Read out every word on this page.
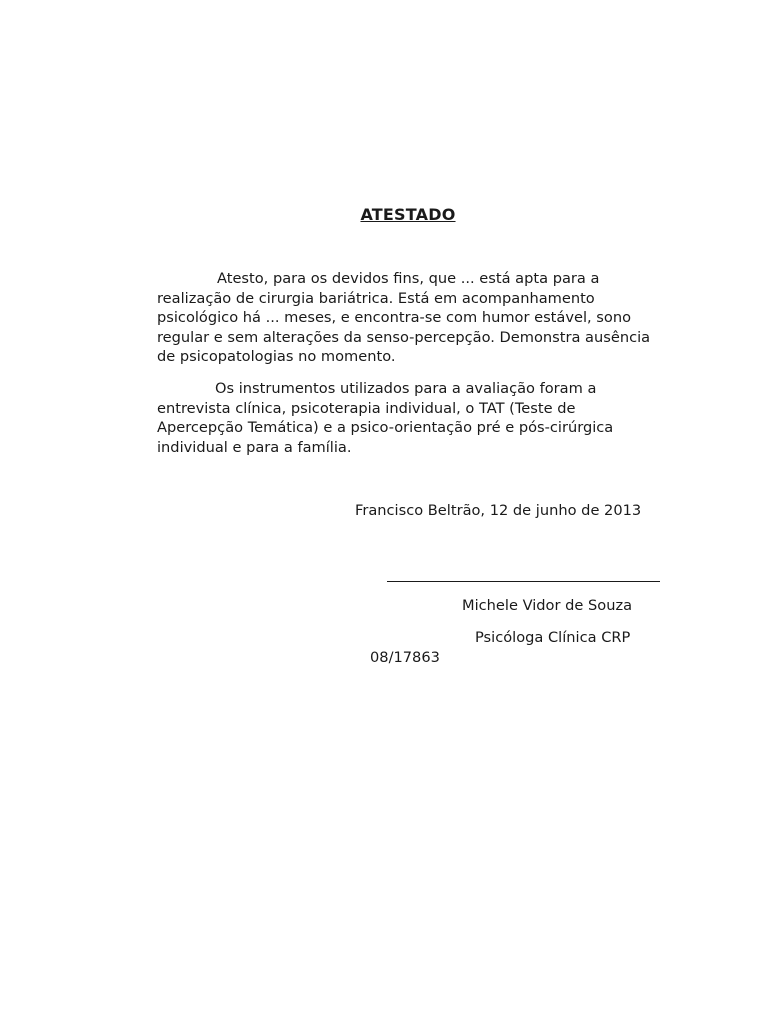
ATESTADO
Atesto, para os devidos fins, que ... está apta para a realização de cirurgia bariátrica. Está em acompanhamento psicológico há ... meses, e encontra-se com humor estável, sono regular e sem alterações da senso-percepção. Demonstra ausência de psicopatologias no momento.
Os instrumentos utilizados para a avaliação foram a entrevista clínica, psicoterapia individual, o TAT (Teste de Apercepção Temática) e a psico-orientação pré e pós-cirúrgica individual e para a família.
Francisco Beltrão, 12 de junho de 2013
Michele Vidor de Souza
Psicóloga Clínica CRP
08/17863
